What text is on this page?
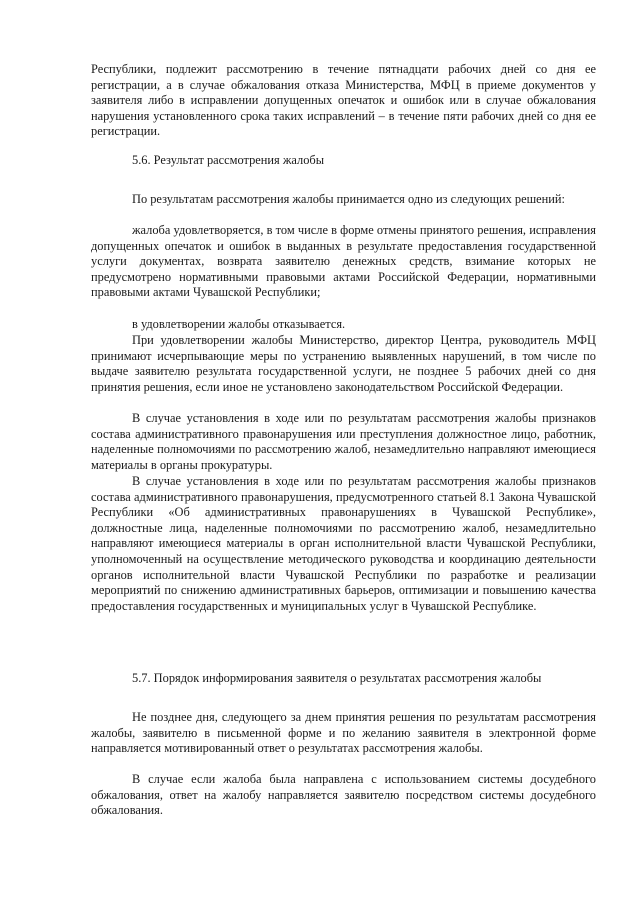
Республики, подлежит рассмотрению в течение пятнадцати рабочих дней со дня ее регистрации, а в случае обжалования отказа Министерства, МФЦ в приеме документов у заявителя либо в исправлении допущенных опечаток и ошибок или в случае обжалования нарушения установленного срока таких исправлений – в течение пяти рабочих дней со дня ее регистрации.

5.6. Результат рассмотрения жалобы

По результатам рассмотрения жалобы принимается одно из следующих решений:

жалоба удовлетворяется, в том числе в форме отмены принятого решения, исправления допущенных опечаток и ошибок в выданных в результате предоставления государственной услуги документах, возврата заявителю денежных средств, взимание которых не предусмотрено нормативными правовыми актами Российской Федерации, нормативными правовыми актами Чувашской Республики;

в удовлетворении жалобы отказывается.

При удовлетворении жалобы Министерство, директор Центра, руководитель МФЦ принимают исчерпывающие меры по устранению выявленных нарушений, в том числе по выдаче заявителю результата государственной услуги, не позднее 5 рабочих дней со дня принятия решения, если иное не установлено законодательством Российской Федерации.

В случае установления в ходе или по результатам рассмотрения жалобы признаков состава административного правонарушения или преступления должностное лицо, работник, наделенные полномочиями по рассмотрению жалоб, незамедлительно направляют имеющиеся материалы в органы прокуратуры.

В случае установления в ходе или по результатам рассмотрения жалобы признаков состава административного правонарушения, предусмотренного статьей 8.1 Закона Чувашской Республики «Об административных правонарушениях в Чувашской Республике», должностные лица, наделенные полномочиями по рассмотрению жалоб, незамедлительно направляют имеющиеся материалы в орган исполнительной власти Чувашской Республики, уполномоченный на осуществление методического руководства и координацию деятельности органов исполнительной власти Чувашской Республики по разработке и реализации мероприятий по снижению административных барьеров, оптимизации и повышению качества предоставления государственных и муниципальных услуг в Чувашской Республике.

5.7. Порядок информирования заявителя о результатах рассмотрения жалобы

Не позднее дня, следующего за днем принятия решения по результатам рассмотрения жалобы, заявителю в письменной форме и по желанию заявителя в электронной форме направляется мотивированный ответ о результатах рассмотрения жалобы.

В случае если жалоба была направлена с использованием системы досудебного обжалования, ответ на жалобу направляется заявителю посредством системы досудебного обжалования.
